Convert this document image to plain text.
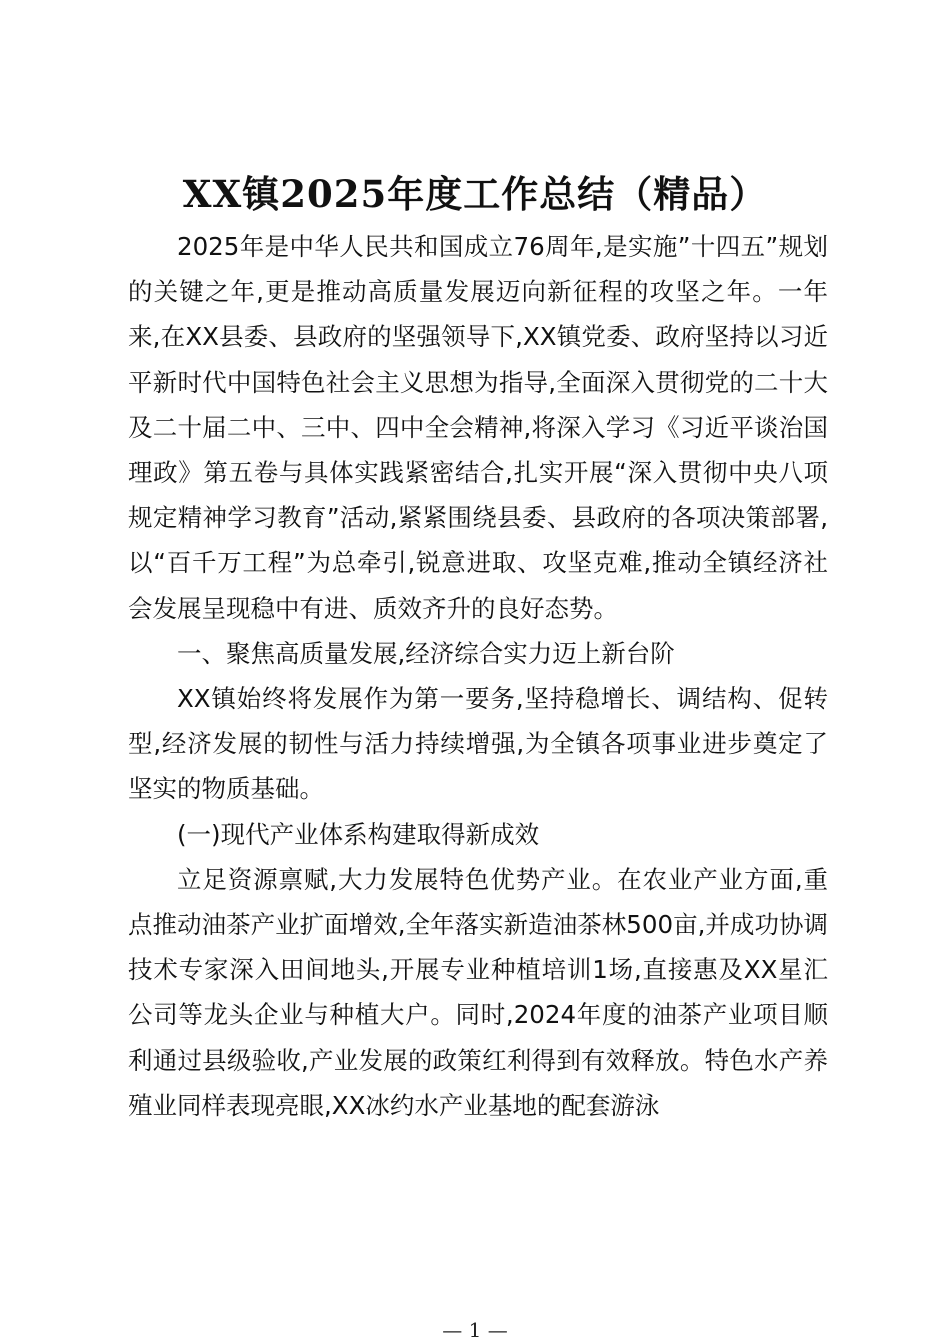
XX镇2025年度工作总结（精品）

2025年是中华人民共和国成立76周年,是实施”十四五”规划的关键之年,更是推动高质量发展迈向新征程的攻坚之年。一年来,在XX县委、县政府的坚强领导下,XX镇党委、政府坚持以习近平新时代中国特色社会主义思想为指导,全面深入贯彻党的二十大及二十届二中、三中、四中全会精神,将深入学习《习近平谈治国理政》第五卷与具体实践紧密结合,扎实开展“深入贯彻中央八项规定精神学习教育”活动,紧紧围绕县委、县政府的各项决策部署,以“百千万工程”为总牵引,锐意进取、攻坚克难,推动全镇经济社会发展呈现稳中有进、质效齐升的良好态势。

一、聚焦高质量发展,经济综合实力迈上新台阶

XX镇始终将发展作为第一要务,坚持稳增长、调结构、促转型,经济发展的韧性与活力持续增强,为全镇各项事业进步奠定了坚实的物质基础。

(一)现代产业体系构建取得新成效

立足资源禀赋,大力发展特色优势产业。在农业产业方面,重点推动油茶产业扩面增效,全年落实新造油茶林500亩,并成功协调技术专家深入田间地头,开展专业种植培训1场,直接惠及XX星汇公司等龙头企业与种植大户。同时,2024年度的油茶产业项目顺利通过县级验收,产业发展的政策红利得到有效释放。特色水产养殖业同样表现亮眼,XX冰约水产业基地的配套游泳

— 1 —
